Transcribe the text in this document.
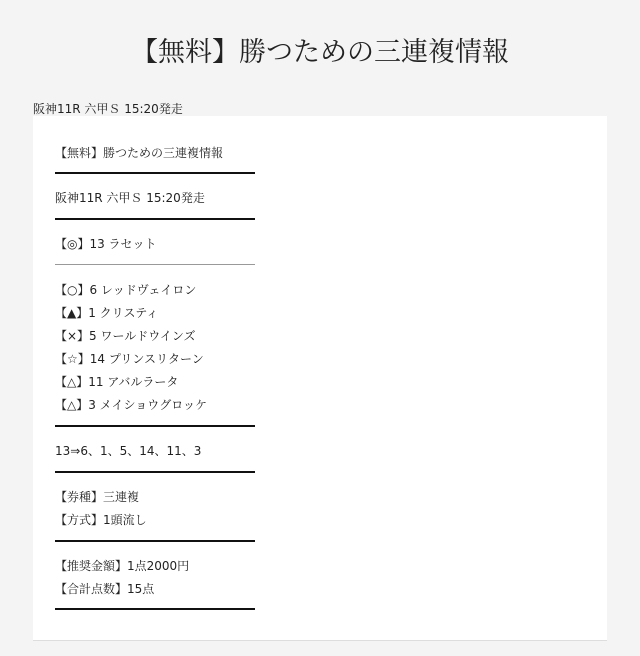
【無料】勝つための三連複情報
阪神11R 六甲Ｓ 15:20発走
【無料】勝つための三連複情報
阪神11R 六甲Ｓ 15:20発走
【◎】13 ラセット
【○】6 レッドヴェイロン
【▲】1 クリスティ
【×】5 ワールドウインズ
【☆】14 プリンスリターン
【△】11 アバルラータ
【△】3 メイショウグロッケ
13⇒6、1、5、14、11、3
【券種】三連複
【方式】1頭流し
【推奨金額】1点2000円
【合計点数】15点
